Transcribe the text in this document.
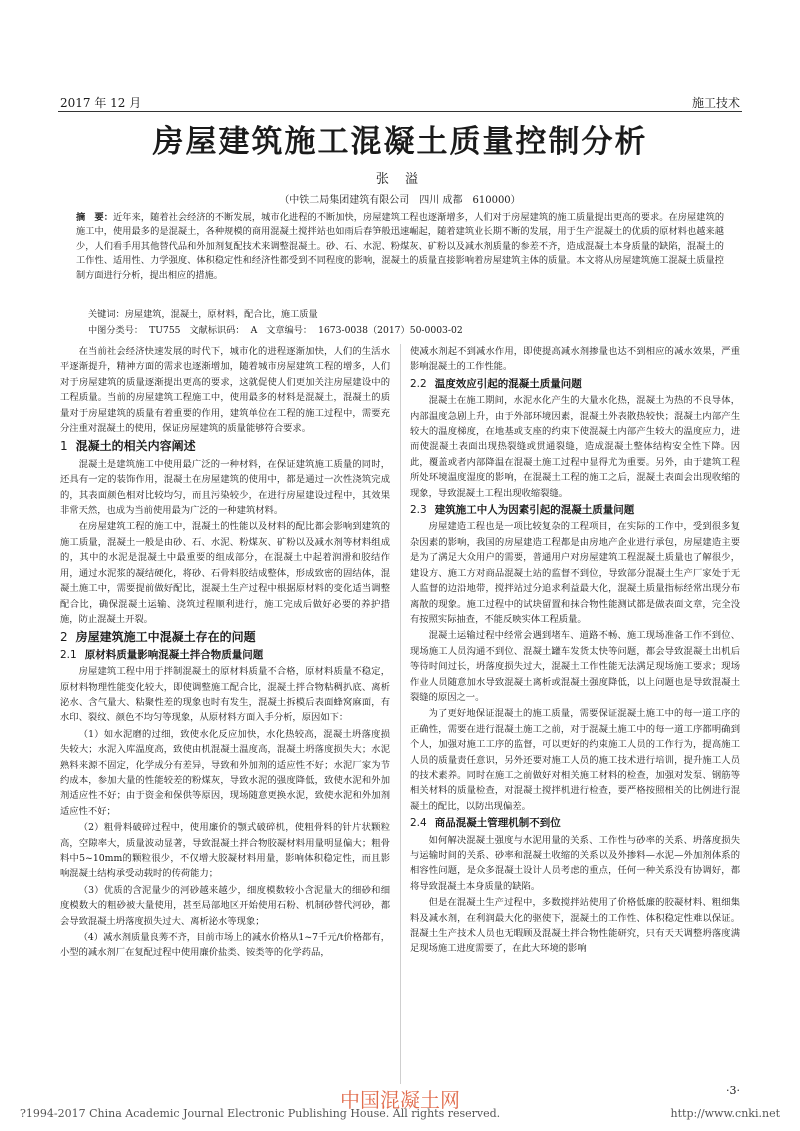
2017 年 12 月	施工技术
房屋建筑施工混凝土质量控制分析
张 溢
（中铁二局集团建筑有限公司　四川 成都　610000）
摘　要：近年来，随着社会经济的不断发展，城市化进程的不断加快，房屋建筑工程也逐渐增多，人们对于房屋建筑的施工质量提出更高的要求。在房屋建筑的施工中，使用最多的是混凝土，各种规模的商用混凝土搅拌站也如雨后春笋般迅速崛起，随着建筑业长期不断的发展，用于生产混凝土的优质的原材料也越来越少，人们看手用其他替代品和外加剂复配技术来调整混凝土。砂、石、水泥、粉煤灰、矿粉以及减水剂质量的参差不齐，造成混凝土本身质量的缺陷，混凝土的工作性、适用性、力学强度、体积稳定性和经济性都受到不同程度的影响，混凝土的质量直接影响着房屋建筑主体的质量。本文将从房屋建筑施工混凝土质量控制方面进行分析，提出相应的措施。
关键词：房屋建筑，混凝土，原材料，配合比，施工质量
中图分类号： TU755 文献标识码： A 文章编号： 1673-0038（2017）50-0003-02

在当前社会经济快速发展的时代下，城市化的进程逐渐加快，人们的生活水平逐渐提升，精神方面的需求也逐渐增加，随着城市房屋建筑工程的增多，人们对于房屋建筑的质量逐渐提出更高的要求，这就促使人们更加关注房屋建设中的工程质量。当前的房屋建筑工程施工中，使用最多的材料是混凝土，混凝土的质量对于房屋建筑的质量有着重要的作用，建筑单位在工程的施工过程中，需要充分注重对混凝土的使用，保证房屋建筑的质量能够符合要求。

1 混凝土的相关内容阐述

混凝土是建筑施工中使用最广泛的一种材料，在保证建筑施工质量的同时，还具有一定的装饰作用，混凝土在房屋建筑的使用中，都是通过一次性浇筑完成的，其表面颜色相对比较均匀，而且污染较少，在进行房屋建设过程中，其效果非常天然，也成为当前使用最为广泛的一种建筑材料。

在房屋建筑工程的施工中，混凝土的性能以及材料的配比都会影响到建筑的施工质量，混凝土一般是由砂、石、水泥、粉煤灰、矿粉以及减水剂等材料组成的，其中的水泥是混凝土中最重要的组成部分，在混凝土中起着润滑和胶结作用，通过水泥浆的凝结硬化，将砂、石骨料胶结成整体，形成致密的固结体，混凝土施工中，需要提前做好配比，混凝土生产过程中根据原材料的变化适当调整配合比，确保混凝土运输、浇筑过程顺利进行，施工完成后做好必要的养护措施，防止混凝土开裂。

2 房屋建筑施工中混凝土存在的问题
2.1 原材料质量影响混凝土拌合物质量问题

房屋建筑工程中用于拌制混凝土的原材料质量不合格，原材料质量不稳定，原材料物理性能变化较大，即使调整施工配合比，混凝土拌合物粘稠扒底、离析泌水、含气量大、粘聚性差的现象也时有发生，混凝土拆模后表面蜂窝麻面，有水印、裂纹、颜色不均匀等现象，从原材料方面入手分析，原因如下：

（1）如水泥磨的过细，致使水化反应加快，水化热较高，混凝土坍落度损失较大；水泥入库温度高，致使由机混凝土温度高，混凝土坍落度损失大；水泥熟料来源不固定，化学成分有差异，导致和外加剂的适应性不好；水泥厂家为节约成本，参加大量的性能较差的粉煤灰，导致水泥的强度降低，致使水泥和外加剂适应性不好；由于资金和保供等原因，现场随意更换水泥，致使水泥和外加剂适应性不好；

（2）粗骨料破碎过程中，使用廉价的颚式破碎机，使粗骨料的针片状颗粒高，空隙率大，质量波动显著，导致混凝土拌合物胶凝材料用量明显偏大；粗骨料中5~10mm的颗粒很少，不仅增大胶凝材料用量，影响体积稳定性，而且影响混凝土结构承受动载时的传荷能力；

（3）优质的含泥量少的河砂越来越少，细度模数较小含泥量大的细砂和细度模数大的粗砂被大量使用，甚至局部地区开始使用石粉、机制砂替代河砂，都会导致混凝土坍落度损失过大、离析泌水等现象；

（4）减水剂质量良莠不齐，目前市场上的减水价格从1~7千元/t价格都有，小型的减水剂厂在复配过程中使用廉价盐类、铵类等的化学药品，

使减水剂起不到减水作用，即使提高减水剂掺量也达不到相应的减水效果，严重影响混凝土的工作性能。

2.2 温度效应引起的混凝土质量问题

混凝土在施工期间，水泥水化产生的大量水化热，混凝土为热的不良导体，内部温度急剧上升，由于外部环境因素，混凝土外表散热较快；混凝土内部产生较大的温度梯度，在地基或支座的约束下使混凝土内部产生较大的温度应力，进而使混凝土表面出现热裂缝或贯通裂缝，造成混凝土整体结构安全性下降。因此，覆盖或者内部降温在混凝土施工过程中显得尤为重要。另外，由于建筑工程所处环境温度湿度的影响，在混凝土工程的施工之后，混凝土表面会出现收缩的现象，导致混凝土工程出现收缩裂缝。

2.3 建筑施工中人为因素引起的混凝土质量问题

房屋建造工程也是一项比较复杂的工程项目，在实际的工作中，受到很多复杂因素的影响，我国的房屋建造工程都是由房地产企业进行承包，房屋建造主要是为了满足大众用户的需要，普通用户对房屋建筑工程混凝土质量也了解很少，建设方、施工方对商品混凝土站的监督不到位，导致部分混凝土生产厂家处于无人监督的边沿地带，搅拌站过分追求利益最大化，混凝土质量指标经常出现分布离散的现象。施工过程中的试块留置和抹合物性能测试都是做表面文章，完全没有按照实际抽查，不能反映实体工程质量。

混凝土运输过程中经常会遇到堵车、道路不畅、施工现场准备工作不到位、现场施工人员沟通不到位、混凝土罐车发货太快等问题，都会导致混凝土出机后等待时间过长，坍落度损失过大，混凝土工作性能无法满足现场施工要求；现场作业人员随意加水导致混凝土离析或混凝土强度降低，以上问题也是导致混凝土裂缝的原因之一。

为了更好地保证混凝土的施工质量，需要保证混凝土施工中的每一道工序的正确性，需要在进行混凝土施工之前，对于混凝土施工中的每一道工序都明确到个人，加强对施工工序的监督，可以更好的约束施工人员的工作行为，提高施工人员的质量责任意识，另外还要对施工人员的施工技术进行培训，提升施工人员的技术素养。同时在施工之前做好对相关施工材料的检查，加强对发泵、钢筋等相关材料的质量检查，对混凝土搅拌机进行检查，要严格按照相关的比例进行混凝土的配比，以防出现偏差。

2.4 商品混凝土管理机制不到位

如何解决混凝土强度与水泥用量的关系、工作性与砂率的关系、坍落度损失与运输时间的关系、砂率和混凝土收缩的关系以及外掺料—水泥—外加剂体系的相容性问题，是众多混凝土设计人员考虑的重点，任何一种关系没有协调好，都将导致混凝土本身质量的缺陷。

但是在混凝土生产过程中，多数搅拌站使用了价格低廉的胶凝材料、粗细集料及减水剂，在利润最大化的驱使下，混凝土的工作性、体积稳定性难以保证。混凝土生产技术人员也无暇顾及混凝土拌合物性能研究，只有天天调整坍落度满足现场施工进度需要了，在此大环境的影响

·3·
中国混凝土网
?1994-2017 China Academic Journal Electronic Publishing House. All rights reserved.	http://www.cnki.net
